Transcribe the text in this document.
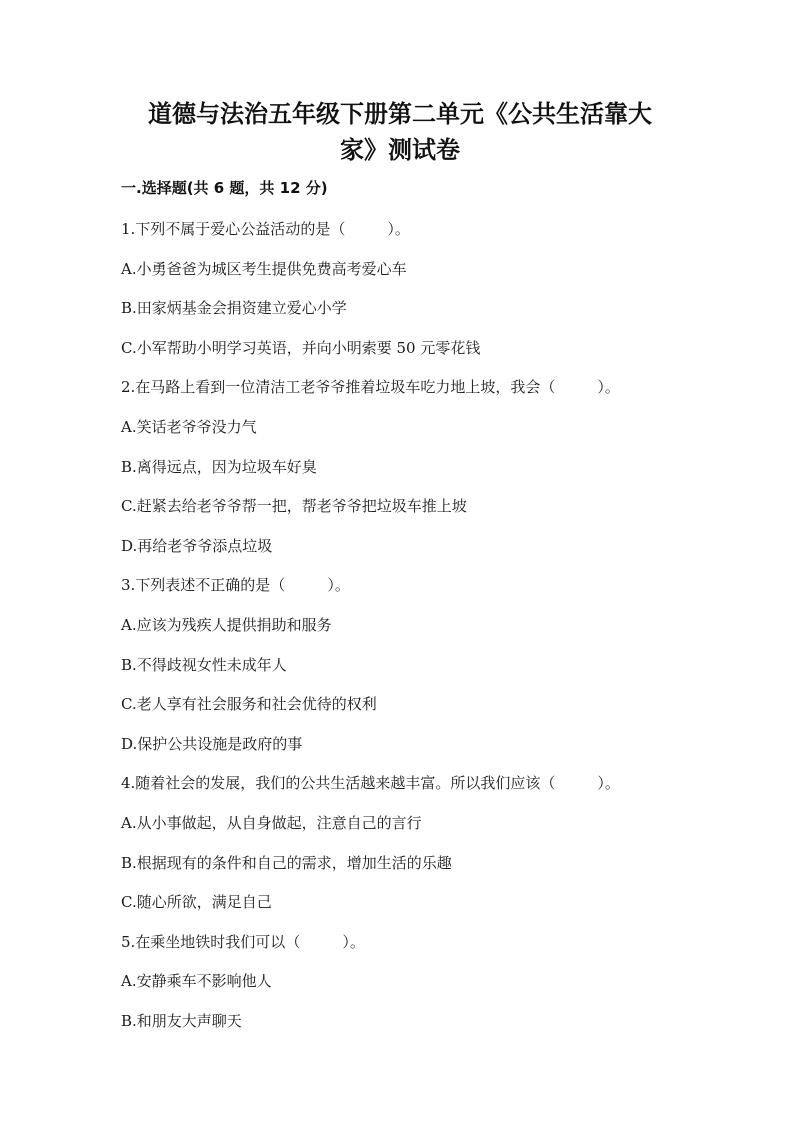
道德与法治五年级下册第二单元《公共生活靠大
家》测试卷
一.选择题(共 6 题，共 12 分)
1.下列不属于爱心公益活动的是（	）。
A.小勇爸爸为城区考生提供免费高考爱心车
B.田家炳基金会捐资建立爱心小学
C.小军帮助小明学习英语，并向小明索要 50 元零花钱
2.在马路上看到一位清洁工老爷爷推着垃圾车吃力地上坡，我会（	）。
A.笑话老爷爷没力气
B.离得远点，因为垃圾车好臭
C.赶紧去给老爷爷帮一把，帮老爷爷把垃圾车推上坡
D.再给老爷爷添点垃圾
3.下列表述不正确的是（	）。
A.应该为残疾人提供捐助和服务
B.不得歧视女性未成年人
C.老人享有社会服务和社会优待的权利
D.保护公共设施是政府的事
4.随着社会的发展，我们的公共生活越来越丰富。所以我们应该（	）。
A.从小事做起，从自身做起，注意自己的言行
B.根据现有的条件和自己的需求，增加生活的乐趣
C.随心所欲，满足自己
5.在乘坐地铁时我们可以（	）。
A.安静乘车不影响他人
B.和朋友大声聊天
